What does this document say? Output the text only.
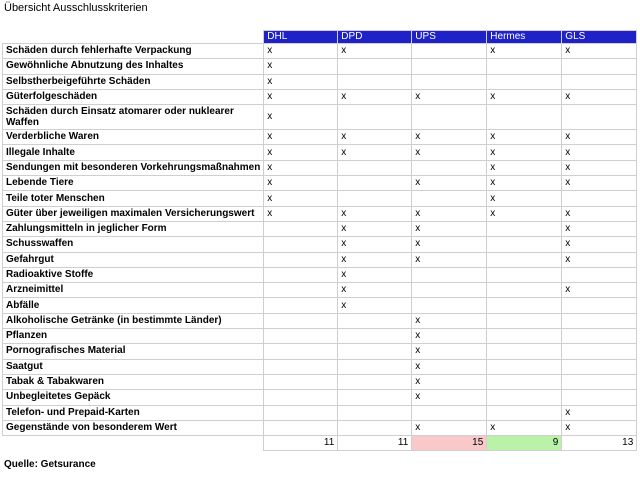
Übersicht Ausschlusskriterien
	DHL	DPD	UPS	Hermes	GLS
Schäden durch fehlerhafte Verpackung	x	x		x	x
Gewöhnliche Abnutzung des Inhaltes	x				
Selbstherbeigeführte Schäden	x				
Güterfolgeschäden	x	x	x	x	x
Schäden durch Einsatz atomarer oder nuklearer Waffen	x				
Verderbliche Waren	x	x	x	x	x
Illegale Inhalte	x	x	x	x	x
Sendungen mit besonderen Vorkehrungsmaßnahmen	x			x	x
Lebende Tiere	x		x	x	x
Teile toter Menschen	x			x	
Güter über jeweiligen maximalen Versicherungswert	x	x	x	x	x
Zahlungsmitteln in jeglicher Form		x	x		x
Schusswaffen		x	x		x
Gefahrgut		x	x		x
Radioaktive Stoffe		x			
Arzneimittel		x			x
Abfälle		x			
Alkoholische Getränke (in bestimmte Länder)			x		
Pflanzen			x		
Pornografisches Material			x		
Saatgut			x		
Tabak & Tabakwaren			x		
Unbegleitetes Gepäck			x		
Telefon- und Prepaid-Karten					x
Gegenstände von besonderem Wert			x	x	x
	11	11	15	9	13
Quelle: Getsurance
